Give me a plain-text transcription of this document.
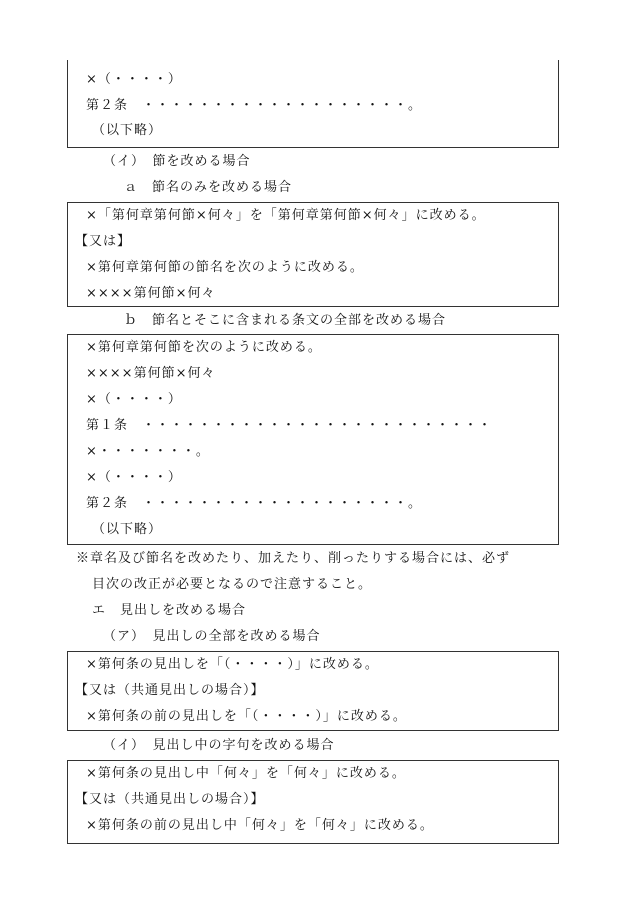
×（・・・・）
第２条　・・・・・・・・・・・・・・・・・・・。
（以下略）
（イ）　節を改める場合
ａ　節名のみを改める場合
×「第何章第何節×何々」を「第何章第何節×何々」に改める。
【又は】
×第何章第何節の節名を次のように改める。
××××第何節×何々
ｂ　節名とそこに含まれる条文の全部を改める場合
×第何章第何節を次のように改める。
××××第何節×何々
×（・・・・）
第１条　・・・・・・・・・・・・・・・・・・・・・・・・・
×・・・・・・・。
×（・・・・）
第２条　・・・・・・・・・・・・・・・・・・・。
（以下略）
※章名及び節名を改めたり、加えたり、削ったりする場合には、必ず
目次の改正が必要となるので注意すること。
エ　見出しを改める場合
（ア）　見出しの全部を改める場合
×第何条の見出しを「（・・・・）」に改める。
【又は（共通見出しの場合）】
×第何条の前の見出しを「（・・・・）」に改める。
（イ）　見出し中の字句を改める場合
×第何条の見出し中「何々」を「何々」に改める。
【又は（共通見出しの場合）】
×第何条の前の見出し中「何々」を「何々」に改める。
